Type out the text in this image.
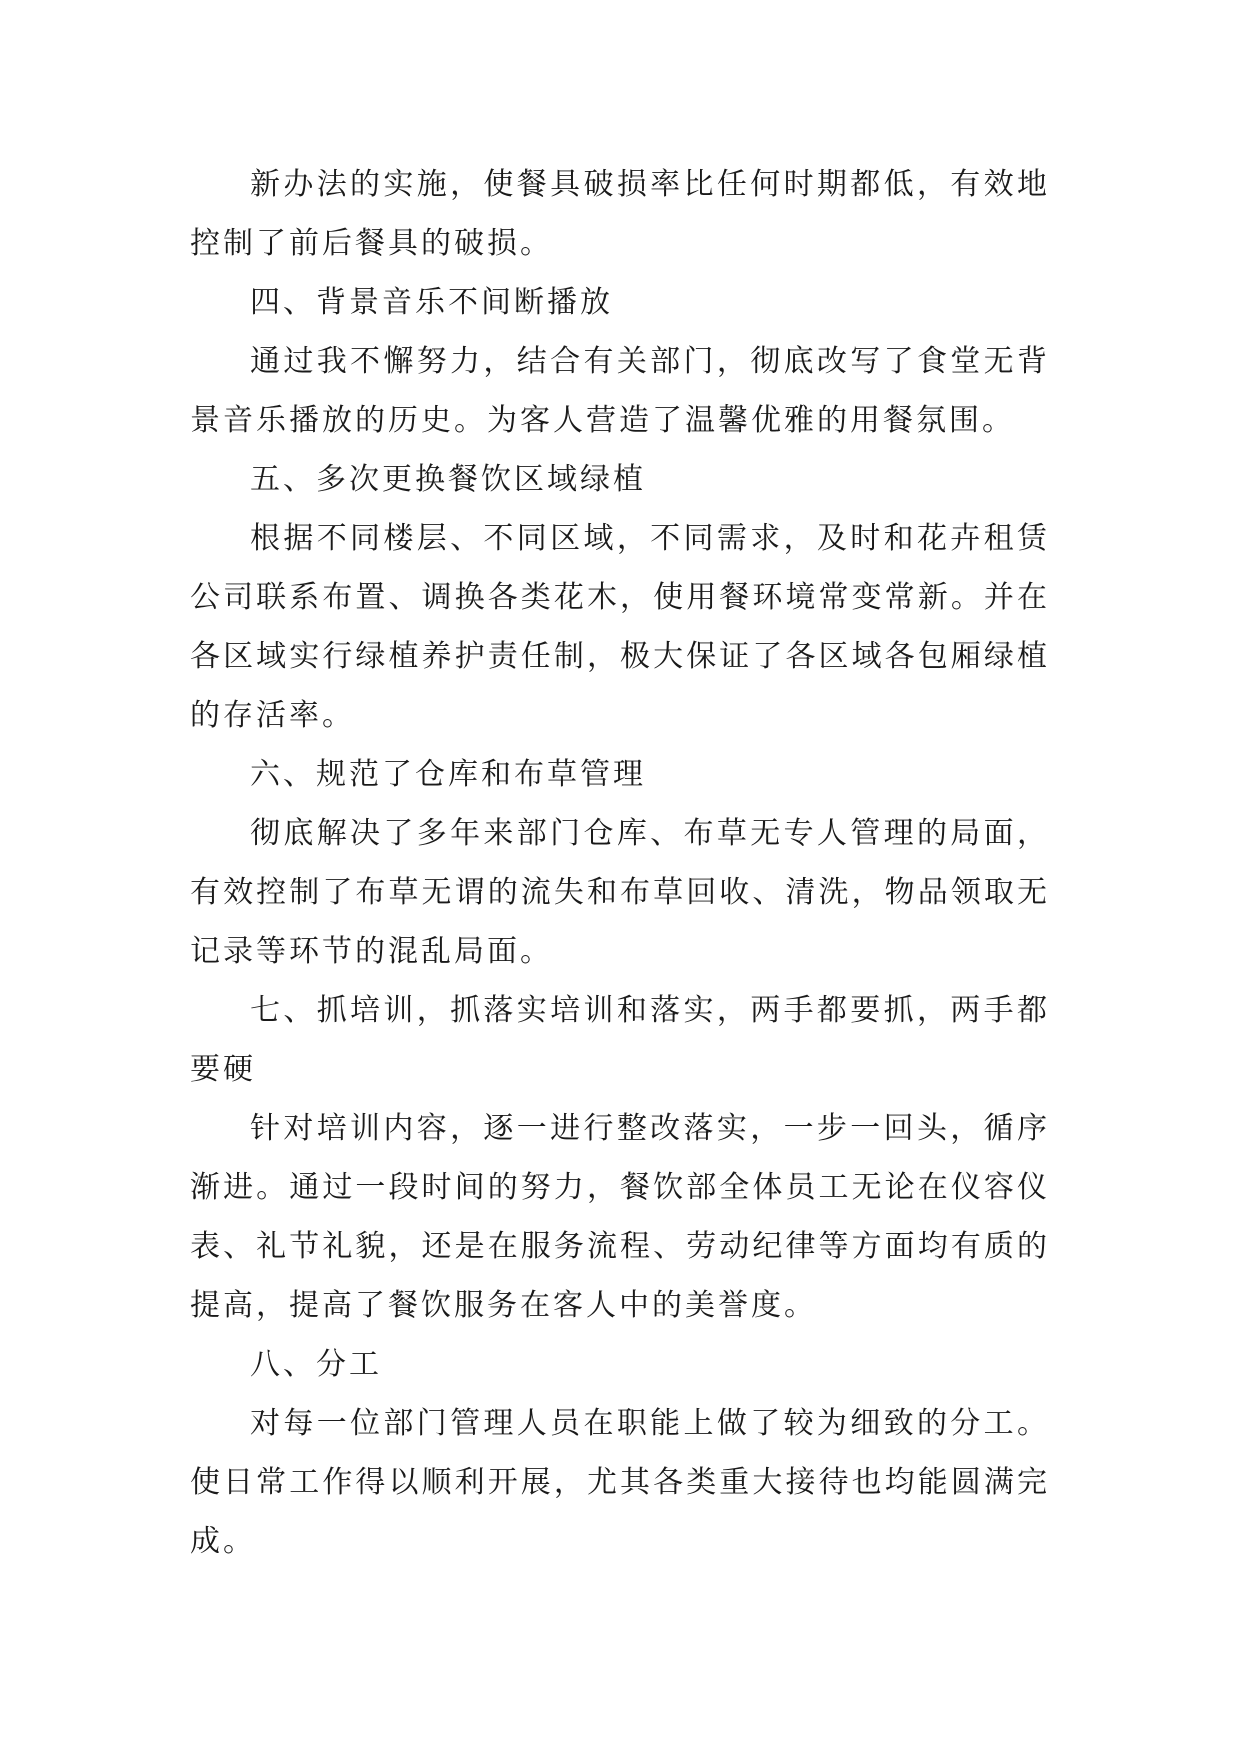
新办法的实施，使餐具破损率比任何时期都低，有效地控制了前后餐具的破损。

四、背景音乐不间断播放

通过我不懈努力，结合有关部门，彻底改写了食堂无背景音乐播放的历史。为客人营造了温馨优雅的用餐氛围。

五、多次更换餐饮区域绿植

根据不同楼层、不同区域，不同需求，及时和花卉租赁公司联系布置、调换各类花木，使用餐环境常变常新。并在各区域实行绿植养护责任制，极大保证了各区域各包厢绿植的存活率。

六、规范了仓库和布草管理

彻底解决了多年来部门仓库、布草无专人管理的局面，有效控制了布草无谓的流失和布草回收、清洗，物品领取无记录等环节的混乱局面。

七、抓培训，抓落实培训和落实，两手都要抓，两手都要硬

针对培训内容，逐一进行整改落实，一步一回头，循序渐进。通过一段时间的努力，餐饮部全体员工无论在仪容仪表、礼节礼貌，还是在服务流程、劳动纪律等方面均有质的提高，提高了餐饮服务在客人中的美誉度。

八、分工

对每一位部门管理人员在职能上做了较为细致的分工。使日常工作得以顺利开展，尤其各类重大接待也均能圆满完成。
